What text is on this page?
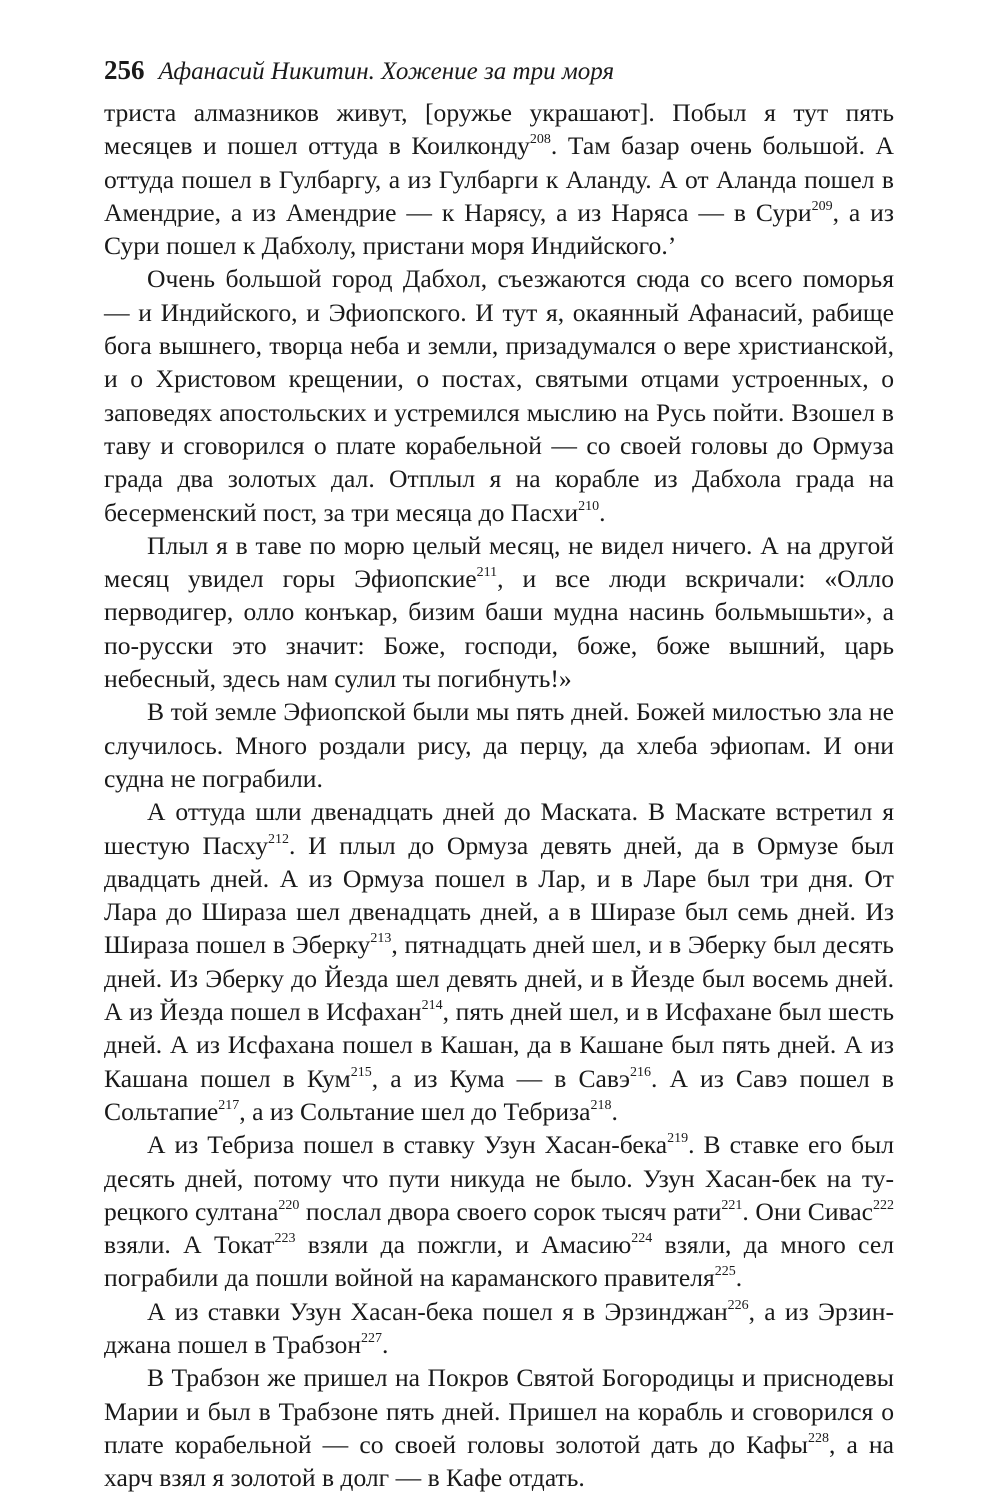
256 Афанасий Никитин. Хожение за три моря

триста алмазников живут, [оружье украшают]. Побыл я тут пять месяцев и пошел оттуда в Коилконду$^{208}$. Там базар очень большой. А оттуда пошел в Гулбаргу, а из Гулбарги к Аланду. А от Аланда пошел в Амендрие, а из Амендрие — к Нарясу, а из Наряса — в Сури$^{209}$, а из Сури пошел к Дабхолу, пристани моря Индийского.’

Очень большой город Дабхол, съезжаются сюда со всего поморья — и Индийского, и Эфиопского. И тут я, окаянный Афанасий, рабище бога вышнего, творца неба и земли, призадумался о вере христианской, и о Христовом крещении, о постах, святыми отцами устроенных, о заповедях апостольских и устремился мыслию на Русь пойти. Взошел в таву и сговорился о плате корабельной — со своей головы до Ормуза града два золотых дал. Отплыл я на корабле из Дабхола града на бесерменский пост, за три месяца до Пасхи$^{210}$.

Плыл я в таве по морю целый месяц, не видел ничего. А на другой месяц увидел горы Эфиопские$^{211}$, и все люди вскричали: «Олло перводигер, олло конъкар, бизим баши мудна насинь больмышьти», а по-русски это значит: Боже, господи, боже, боже вышний, царь небесный, здесь нам сулил ты погибнуть!»

В той земле Эфиопской были мы пять дней. Божей милостью зла не случилось. Много роздали рису, да перцу, да хлеба эфиопам. И они судна не пограбили.

А оттуда шли двенадцать дней до Маската. В Маскате встретил я шестую Пасху$^{212}$. И плыл до Ормуза девять дней, да в Ормузе был двадцать дней. А из Ормуза пошел в Лар, и в Ларе был три дня. От Лара до Шираза шел двенадцать дней, а в Ширазе был семь дней. Из Шираза пошел в Эберку$^{213}$, пятнадцать дней шел, и в Эберку был десять дней. Из Эберку до Йезда шел девять дней, и в Йезде был восемь дней. А из Йезда пошел в Исфахан$^{214}$, пять дней шел, и в Исфахане был шесть дней. А из Исфахана пошел в Кашан, да в Кашане был пять дней. А из Кашана пошел в Кум$^{215}$, а из Кума — в Савэ$^{216}$. А из Савэ пошел в Сольтапие$^{217}$, а из Сольтание шел до Тебриза$^{218}$.

А из Тебриза пошел в ставку Узун Хасан-бека$^{219}$. В ставке его был десять дней, потому что пути никуда не было. Узун Хасан-бек на турецкого султана$^{220}$ послал двора своего сорок тысяч рати$^{221}$. Они Сивас$^{222}$ взяли. А Токат$^{223}$ взяли да пожгли, и Амасию$^{224}$ взяли, да много сел пограбили да пошли войной на караманского правителя$^{225}$.

А из ставки Узун Хасан-бека пошел я в Эрзинджан$^{226}$, а из Эрзинджана пошел в Трабзон$^{227}$.

В Трабзон же пришел на Покров Святой Богородицы и приснодевы Марии и был в Трабзоне пять дней. Пришел на корабль и сговорился о плате корабельной — со своей головы золотой дать до Кафы$^{228}$, а на харч взял я золотой в долг — в Кафе отдать.
